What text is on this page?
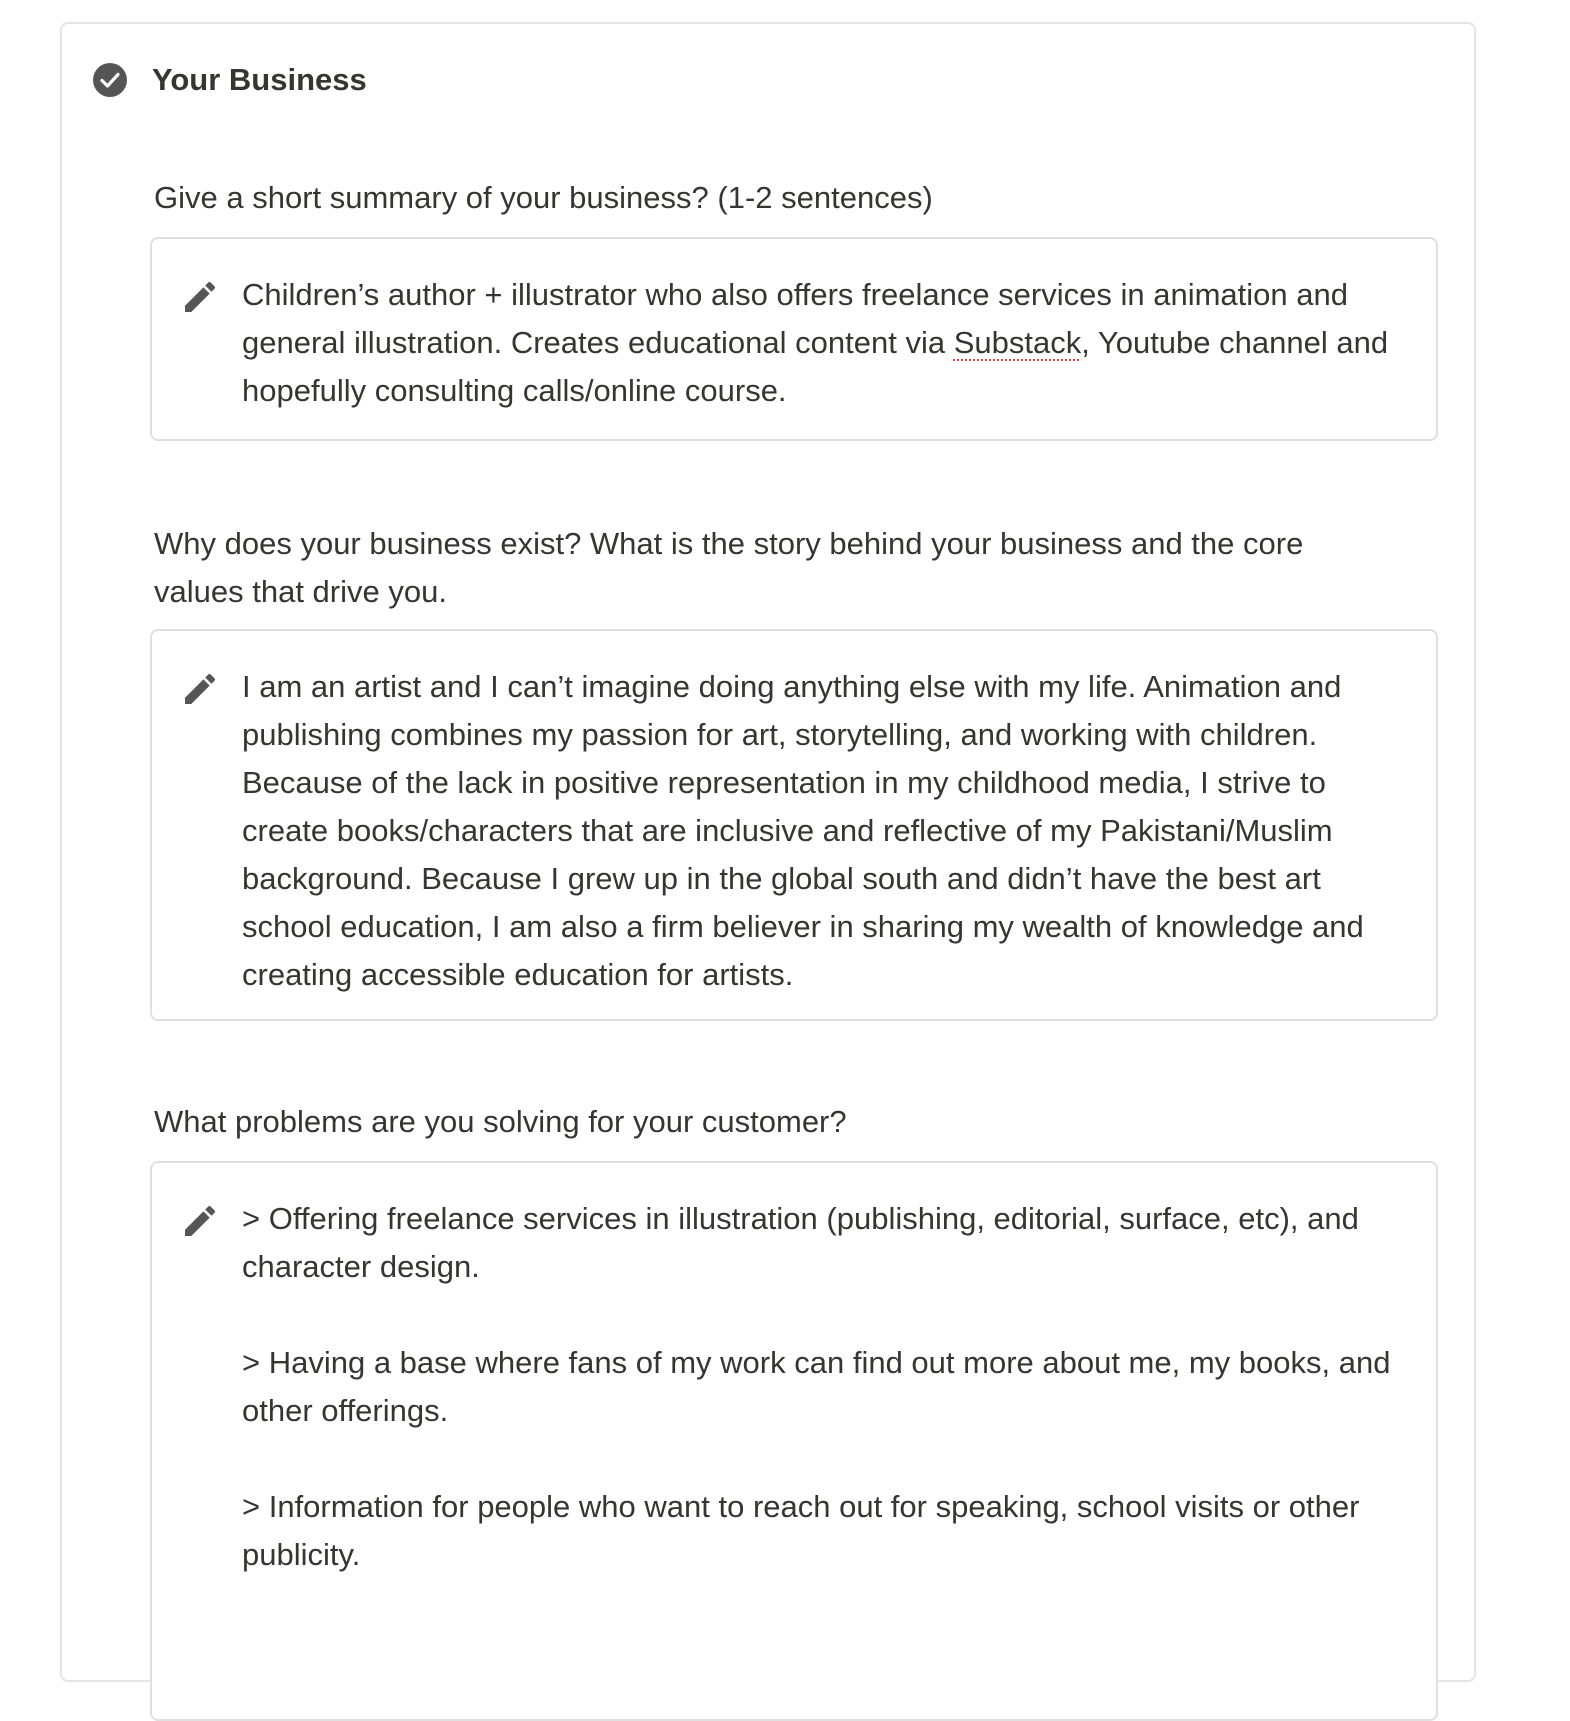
Your Business
Give a short summary of your business? (1-2 sentences)
Children’s author + illustrator who also offers freelance services in animation and general illustration. Creates educational content via Substack, Youtube channel and hopefully consulting calls/online course.
Why does your business exist? What is the story behind your business and the core values that drive you.
I am an artist and I can’t imagine doing anything else with my life. Animation and publishing combines my passion for art, storytelling, and working with children. Because of the lack in positive representation in my childhood media, I strive to create books/characters that are inclusive and reflective of my Pakistani/Muslim background. Because I grew up in the global south and didn’t have the best art school education, I am also a firm believer in sharing my wealth of knowledge and creating accessible education for artists.
What problems are you solving for your customer?

> Offering freelance services in illustration (publishing, editorial, surface, etc), and character design.

> Having a base where fans of my work can find out more about me, my books, and other offerings.

> Information for people who want to reach out for speaking, school visits or other publicity.
